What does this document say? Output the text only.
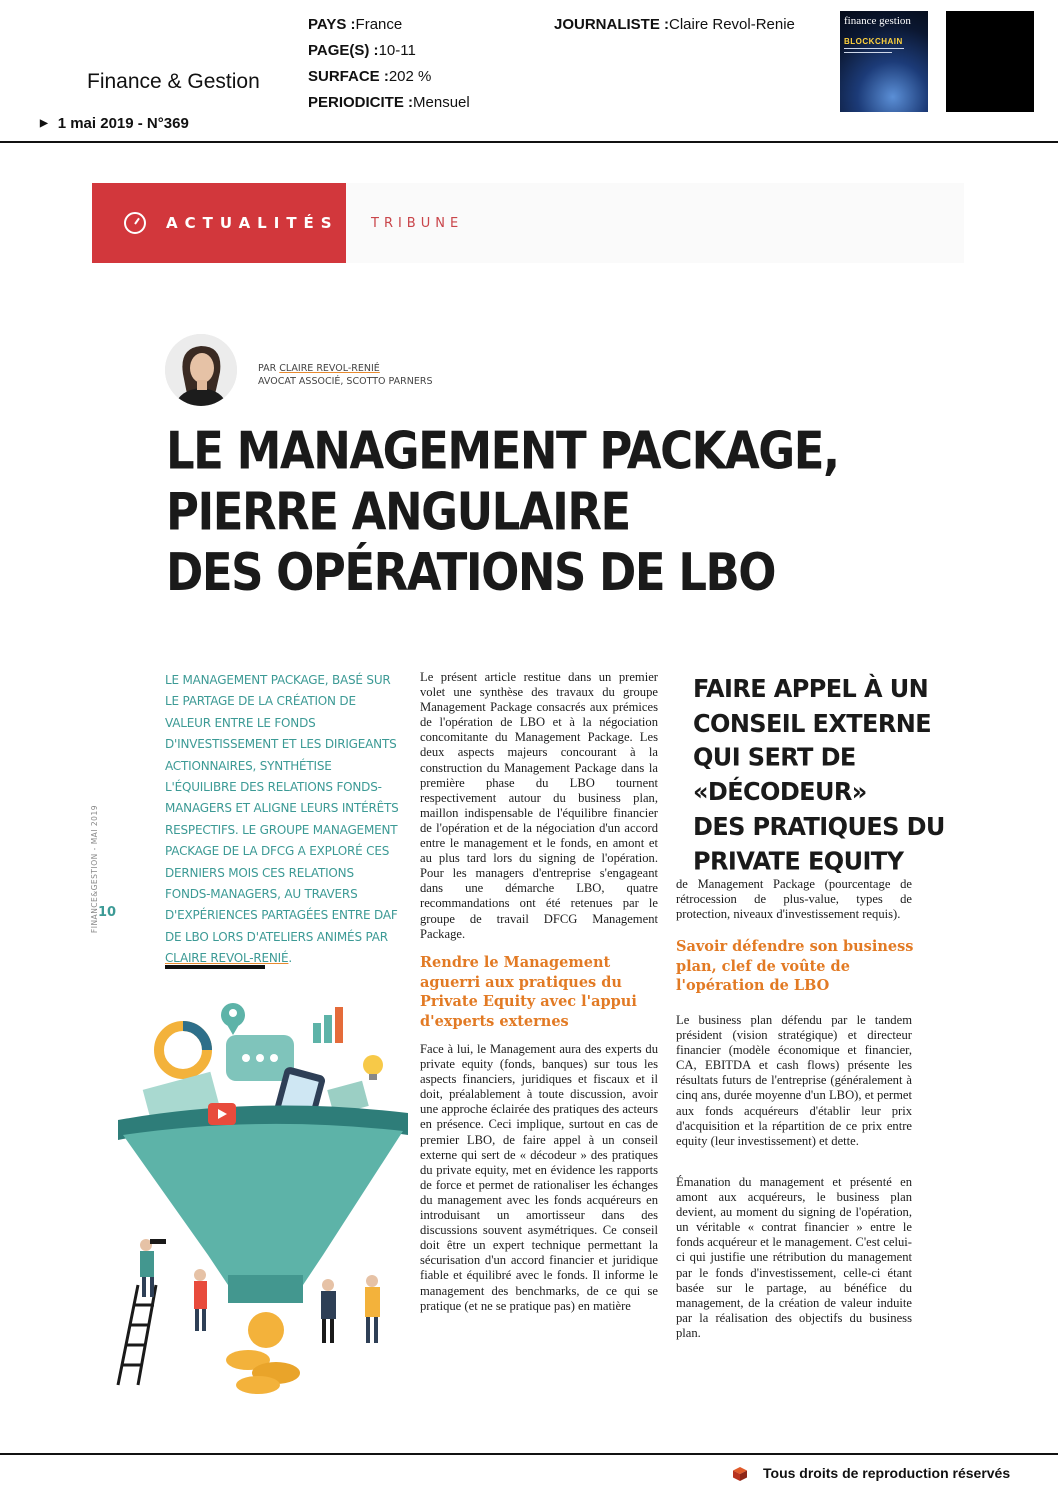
Finance & Gestion
▶ 1 mai 2019 - N°369
PAYS :France
PAGE(S) :10-11
SURFACE :202 %
PERIODICITE :Mensuel
JOURNALISTE :Claire Revol-Renie	finance gestion
BLOCKCHAIN
ACTUALITÉS TRIBUNE
PAR CLAIRE REVOL-RENIÉ
AVOCAT ASSOCIÉ, SCOTTO PARNERS
LE MANAGEMENT PACKAGE,
PIERRE ANGULAIRE
DES OPÉRATIONS DE LBO
LE MANAGEMENT PACKAGE, BASÉ SUR LE PARTAGE DE LA CRÉATION DE VALEUR ENTRE LE FONDS D'INVESTISSEMENT ET LES DIRIGEANTS ACTIONNAIRES, SYNTHÉTISE L'ÉQUILIBRE DES RELATIONS FONDS-MANAGERS ET ALIGNE LEURS INTÉRÊTS RESPECTIFS. LE GROUPE MANAGEMENT PACKAGE DE LA DFCG A EXPLORÉ CES DERNIERS MOIS CES RELATIONS FONDS-MANAGERS, AU TRAVERS D'EXPÉRIENCES PARTAGÉES ENTRE DAF DE LBO LORS D'ATELIERS ANIMÉS PAR CLAIRE REVOL-RENIÉ.
FINANCE&GESTION - MAI 2019 10
Le présent article restitue dans un premier volet une synthèse des travaux du groupe Management Package consacrés aux prémices de l'opération de LBO et à la négociation concomitante du Management Package. Les deux aspects majeurs concourant à la construction du Management Package dans la première phase du LBO tournent respectivement autour du business plan, maillon indispensable de l'équilibre financier de l'opération et de la négociation d'un accord entre le management et le fonds, en amont et au plus tard lors du signing de l'opération. Pour les managers d'entreprise s'engageant dans une démarche LBO, quatre recommandations ont été retenues par le groupe de travail DFCG Management Package.
Rendre le Management aguerri aux pratiques du Private Equity avec l'appui d'experts externes
Face à lui, le Management aura des experts du private equity (fonds, banques) sur tous les aspects financiers, juridiques et fiscaux et il doit, préalablement à toute discussion, avoir une approche éclairée des pratiques des acteurs en présence. Ceci implique, surtout en cas de premier LBO, de faire appel à un conseil externe qui sert de « décodeur » des pratiques du private equity, met en évidence les rapports de force et permet de rationaliser les échanges du management avec les fonds acquéreurs en introduisant un amortisseur dans des discussions souvent asymétriques. Ce conseil doit être un expert technique permettant la sécurisation d'un accord financier et juridique fiable et équilibré avec le fonds. Il informe le management des benchmarks, de ce qui se pratique (et ne se pratique pas) en matière
FAIRE APPEL À UN
CONSEIL EXTERNE
QUI SERT DE
«DÉCODEUR»
DES PRATIQUES DU
PRIVATE EQUITY
de Management Package (pourcentage de rétrocession de plus-value, types de protection, niveaux d'investissement requis).
Savoir défendre son business plan, clef de voûte de l'opération de LBO
Le business plan défendu par le tandem président (vision stratégique) et directeur financier (modèle économique et financier, CA, EBITDA et cash flows) présente les résultats futurs de l'entreprise (généralement à cinq ans, durée moyenne d'un LBO), et permet aux fonds acquéreurs d'établir leur prix d'acquisition et la répartition de ce prix entre equity (leur investissement) et dette.
Émanation du management et présenté en amont aux acquéreurs, le business plan devient, au moment du signing de l'opération, un véritable « contrat financier » entre le fonds acquéreur et le management. C'est celui-ci qui justifie une rétribution du management par le fonds d'investissement, celle-ci étant basée sur le partage, au bénéfice du management, de la création de valeur induite par la réalisation des objectifs du business plan.
Tous droits de reproduction réservés
